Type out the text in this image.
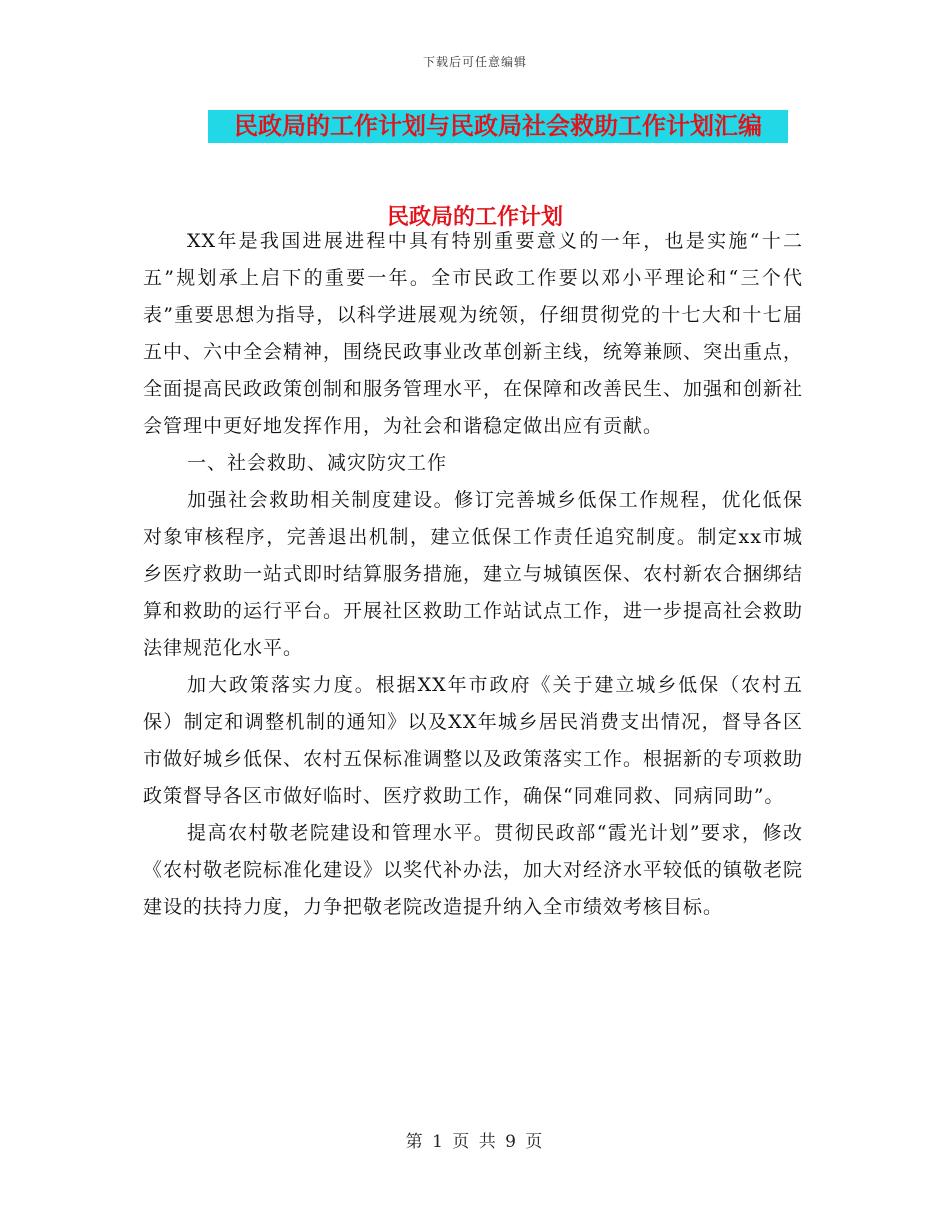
下载后可任意编辑
民政局的工作计划与民政局社会救助工作计划汇编
民政局的工作计划

XX年是我国进展进程中具有特别重要意义的一年，也是实施“十二五”规划承上启下的重要一年。全市民政工作要以邓小平理论和“三个代表”重要思想为指导，以科学进展观为统领，仔细贯彻党的十七大和十七届五中、六中全会精神，围绕民政事业改革创新主线，统筹兼顾、突出重点，全面提高民政政策创制和服务管理水平，在保障和改善民生、加强和创新社会管理中更好地发挥作用，为社会和谐稳定做出应有贡献。

一、社会救助、减灾防灾工作

加强社会救助相关制度建设。修订完善城乡低保工作规程，优化低保对象审核程序，完善退出机制，建立低保工作责任追究制度。制定xx市城乡医疗救助一站式即时结算服务措施，建立与城镇医保、农村新农合捆绑结算和救助的运行平台。开展社区救助工作站试点工作，进一步提高社会救助法律规范化水平。

加大政策落实力度。根据XX年市政府《关于建立城乡低保（农村五保）制定和调整机制的通知》以及XX年城乡居民消费支出情况，督导各区市做好城乡低保、农村五保标准调整以及政策落实工作。根据新的专项救助政策督导各区市做好临时、医疗救助工作，确保“同难同救、同病同助”。

提高农村敬老院建设和管理水平。贯彻民政部“霞光计划”要求，修改《农村敬老院标准化建设》以奖代补办法，加大对经济水平较低的镇敬老院建设的扶持力度，力争把敬老院改造提升纳入全市绩效考核目标。

第 1 页 共 9 页
